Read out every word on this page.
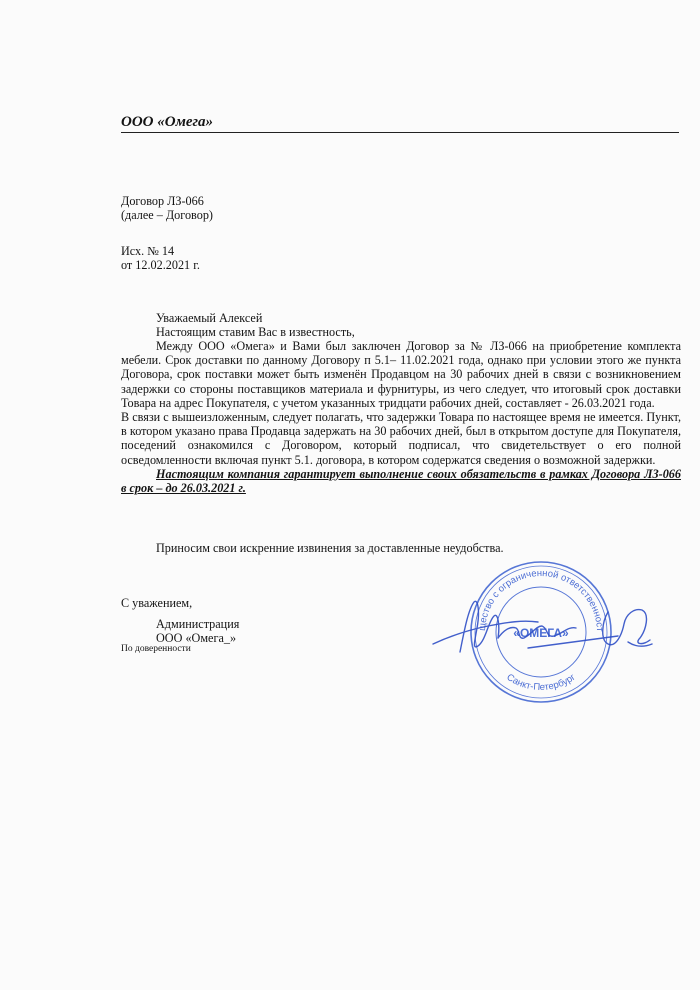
ООО «Омега»
Договор ЛЗ-066
(далее – Договор)
Исх. № 14
от 12.02.2021 г.
Уважаемый Алексей
Настоящим ставим Вас в известность,

Между ООО «Омега» и Вами был заключен Договор за № ЛЗ-066 на приобретение комплекта мебели. Срок доставки по данному Договору п 5.1– 11.02.2021 года, однако при условии этого же пункта Договора, срок поставки может быть изменён Продавцом на 30 рабочих дней в связи с возникновением задержки со стороны поставщиков материала и фурнитуры, из чего следует, что итоговый срок доставки Товара на адрес Покупателя, с учетом указанных тридцати рабочих дней, составляет - 26.03.2021 года.

В связи с вышеизложенным, следует полагать, что задержки Товара по настоящее время не имеется. Пункт, в котором указано права Продавца задержать на 30 рабочих дней, был в открытом доступе для Покупателя, поседений ознакомился с Договором, который подписал, что свидетельствует о его полной осведомленности включая пункт 5.1. договора, в котором содержатся сведения о возможной задержки.

Настоящим компания гарантирует выполнение своих обязательств в рамках Договора ЛЗ-066 в срок – до 26.03.2021 г.

Приносим свои искренние извинения за доставленные неудобства.
С уважением,
Администрация
ООО «Омега_»
По доверенности
щество с ограниченной ответственност
«ОМЕГА»
Санкт-Петербург
